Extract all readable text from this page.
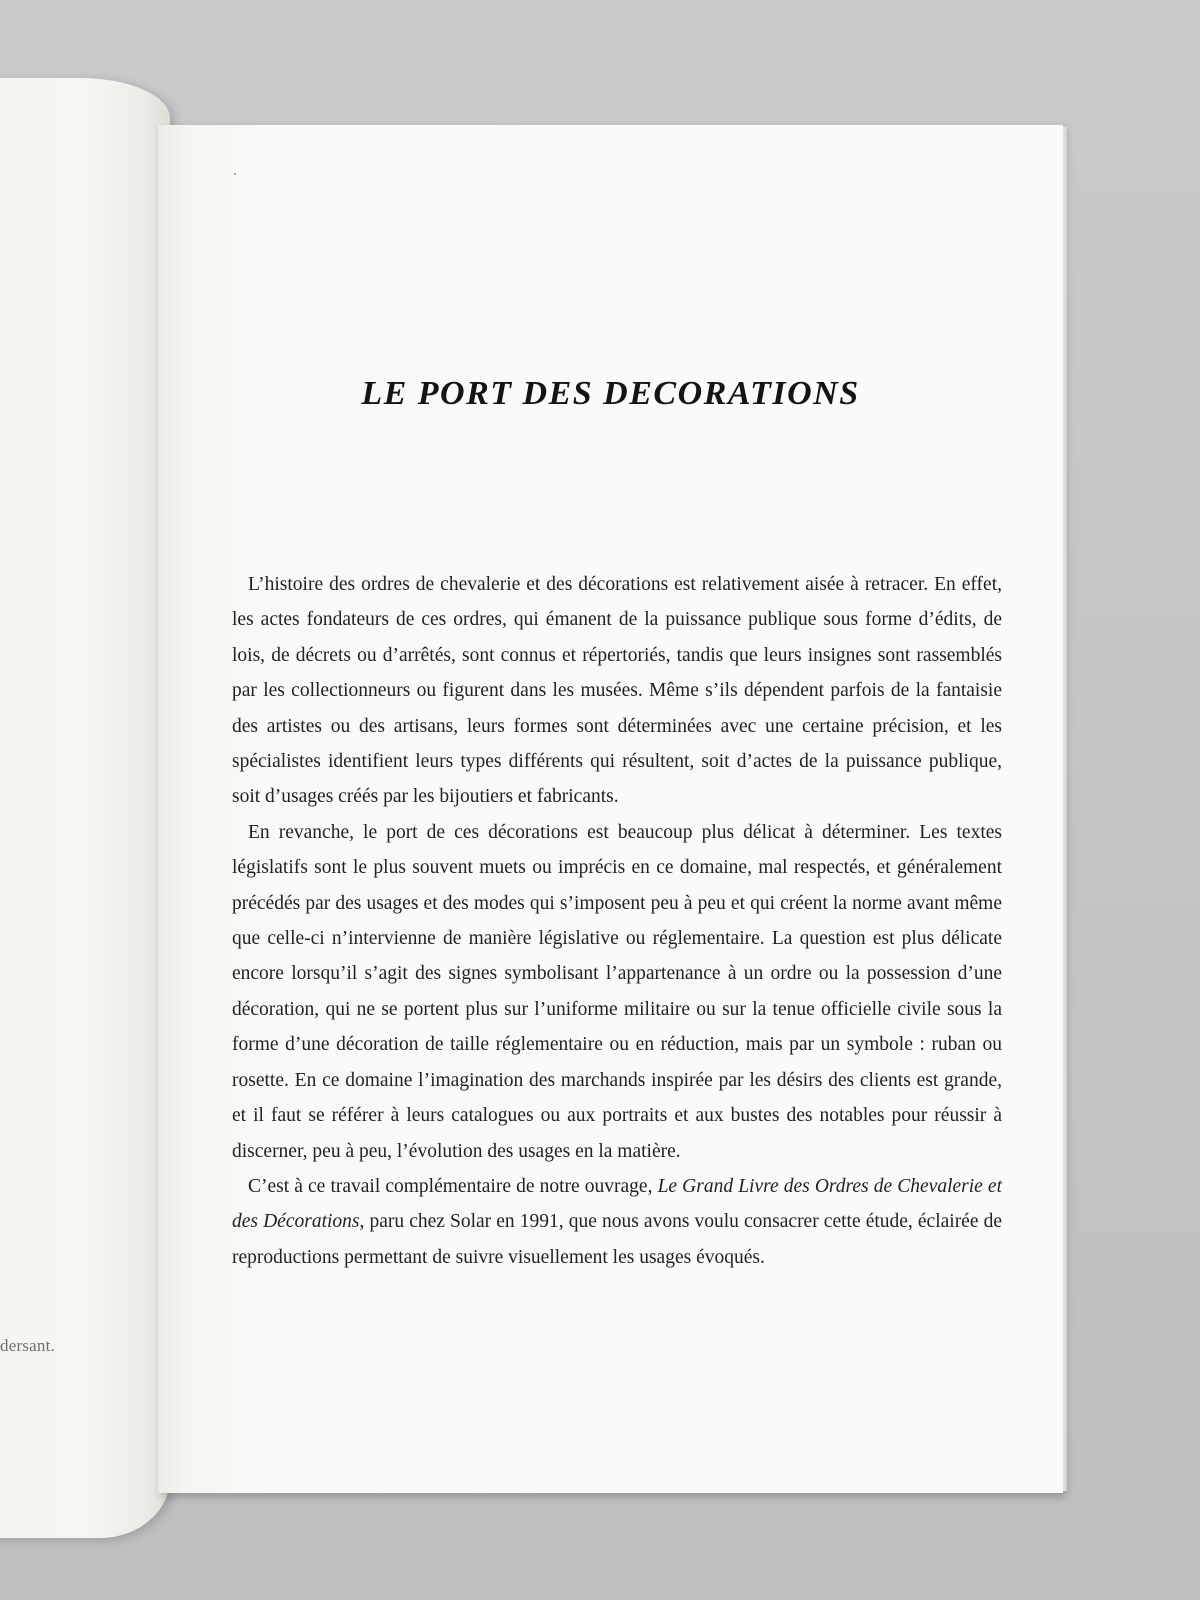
dersant.
LE PORT DES DECORATIONS

L’histoire des ordres de chevalerie et des décorations est relativement aisée à retracer. En effet, les actes fondateurs de ces ordres, qui émanent de la puissance publique sous forme d’édits, de lois, de décrets ou d’arrêtés, sont connus et répertoriés, tandis que leurs insignes sont rassemblés par les collectionneurs ou figurent dans les musées. Même s’ils dépendent parfois de la fantaisie des artistes ou des artisans, leurs formes sont déterminées avec une certaine précision, et les spécialistes identifient leurs types différents qui résultent, soit d’actes de la puissance publique, soit d’usages créés par les bijoutiers et fabricants.

En revanche, le port de ces décorations est beaucoup plus délicat à déterminer. Les textes législatifs sont le plus souvent muets ou imprécis en ce domaine, mal respectés, et généralement précédés par des usages et des modes qui s’imposent peu à peu et qui créent la norme avant même que celle-ci n’intervienne de manière législative ou réglementaire. La question est plus délicate encore lorsqu’il s’agit des signes symbolisant l’appartenance à un ordre ou la possession d’une décoration, qui ne se portent plus sur l’uniforme militaire ou sur la tenue officielle civile sous la forme d’une décoration de taille réglementaire ou en réduction, mais par un symbole : ruban ou rosette. En ce domaine l’imagination des marchands inspirée par les désirs des clients est grande, et il faut se référer à leurs catalogues ou aux portraits et aux bustes des notables pour réussir à discerner, peu à peu, l’évolution des usages en la matière.

C’est à ce travail complémentaire de notre ouvrage, Le Grand Livre des Ordres de Chevalerie et des Décorations, paru chez Solar en 1991, que nous avons voulu consacrer cette étude, éclairée de reproductions permettant de suivre visuellement les usages évoqués.
